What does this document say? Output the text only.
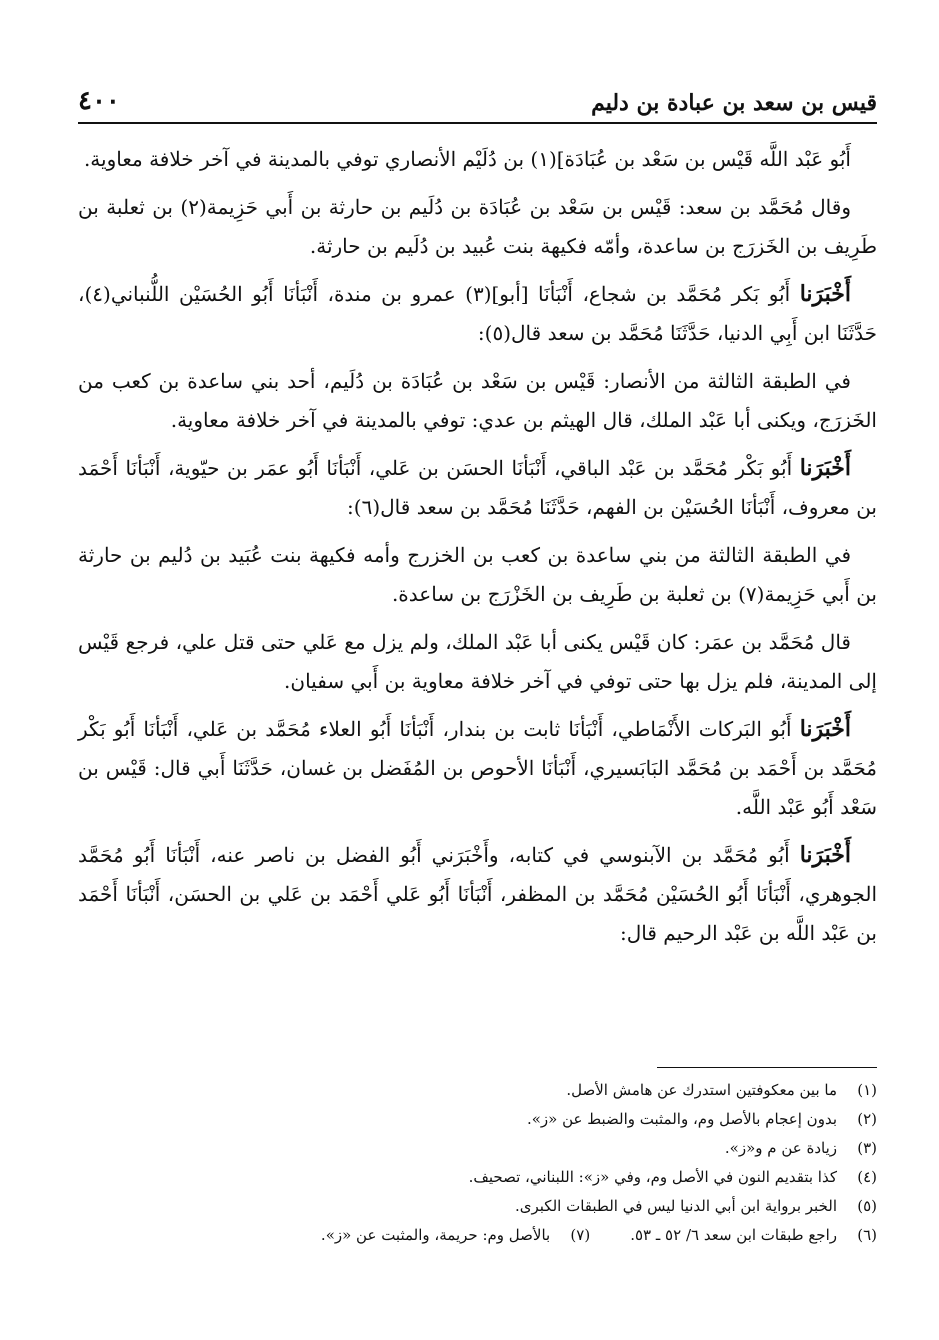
قيس بن سعد بن عبادة بن دليم
٤٠٠

أَبُو عَبْد اللَّه قَيْس بن سَعْد بن عُبَادَة](١) بن دُلَيْم الأنصاري توفي بالمدينة في آخر خلافة معاوية.

وقال مُحَمَّد بن سعد: قَيْس بن سَعْد بن عُبَادَة بن دُلَيم بن حارثة بن أَبي حَزِيمة(٢) بن ثعلبة بن طَرِيف بن الخَزرَج بن ساعدة، وأمّه فكيهة بنت عُبيد بن دُلَيم بن حارثة.

أَخْبَرَنا أَبُو بَكر مُحَمَّد بن شجاع، أَنْبَأنَا [أبو](٣) عمرو بن مندة، أَنْبَأنَا أَبُو الحُسَيْن اللُّنباني(٤)، حَدَّثَنَا ابن أَبِي الدنيا، حَدَّثَنَا مُحَمَّد بن سعد قال(٥):

في الطبقة الثالثة من الأنصار: قَيْس بن سَعْد بن عُبَادَة بن دُلَيم، أحد بني ساعدة بن كعب من الخَزرَج، ويكنى أبا عَبْد الملك، قال الهيثم بن عدي: توفي بالمدينة في آخر خلافة معاوية.

أَخْبَرَنا أَبُو بَكْر مُحَمَّد بن عَبْد الباقي، أَنْبَأنَا الحسَن بن عَلي، أَنْبَأنَا أَبُو عمَر بن حيّوية، أَنْبَأنَا أَحْمَد بن معروف، أَنْبَأنَا الحُسَيْن بن الفهم، حَدَّثَنَا مُحَمَّد بن سعد قال(٦):

في الطبقة الثالثة من بني ساعدة بن كعب بن الخزرج وأمه فكيهة بنت عُبَيد بن دُليم بن حارثة بن أَبي حَزِيمة(٧) بن ثعلبة بن طَرِيف بن الخَزْرَج بن ساعدة.

قال مُحَمَّد بن عمَر: كان قَيْس يكنى أبا عَبْد الملك، ولم يزل مع عَلي حتى قتل علي، فرجع قَيْس إلى المدينة، فلم يزل بها حتى توفي في آخر خلافة معاوية بن أَبي سفيان.

أَخْبَرَنا أَبُو البَركات الأَنْمَاطي، أَنْبَأنَا ثابت بن بندار، أَنْبَأنَا أَبُو العلاء مُحَمَّد بن عَلي، أَنْبَأنَا أَبُو بَكْر مُحَمَّد بن أَحْمَد بن مُحَمَّد البَابَسيري، أَنْبَأنَا الأحوص بن المُفَضل بن غسان، حَدَّثَنَا أَبي قال: قَيْس بن سَعْد أَبُو عَبْد اللَّه.

أَخْبَرَنا أَبُو مُحَمَّد بن الآبنوسي في كتابه، وأَخْبَرَني أَبُو الفضل بن ناصر عنه، أَنْبَأنَا أَبُو مُحَمَّد الجوهري، أَنْبَأنَا أَبُو الحُسَيْن مُحَمَّد بن المظفر، أَنْبَأنَا أَبُو عَلي أَحْمَد بن عَلي بن الحسَن، أَنْبَأنَا أَحْمَد بن عَبْد اللَّه بن عَبْد الرحيم قال:

(١)
ما بين معكوفتين استدرك عن هامش الأصل.
(٢)
بدون إعجام بالأصل وم، والمثبت والضبط عن «ز».
(٣)
زيادة عن م و«ز».
(٤)
كذا بتقديم النون في الأصل وم، وفي «ز»: اللبناني، تصحيف.
(٥)
الخبر برواية ابن أبي الدنيا ليس في الطبقات الكبرى.
(٦)
راجع طبقات ابن سعد ٦/ ٥٢ ـ ٥٣.
(٧)
بالأصل وم: حريمة، والمثبت عن «ز».
